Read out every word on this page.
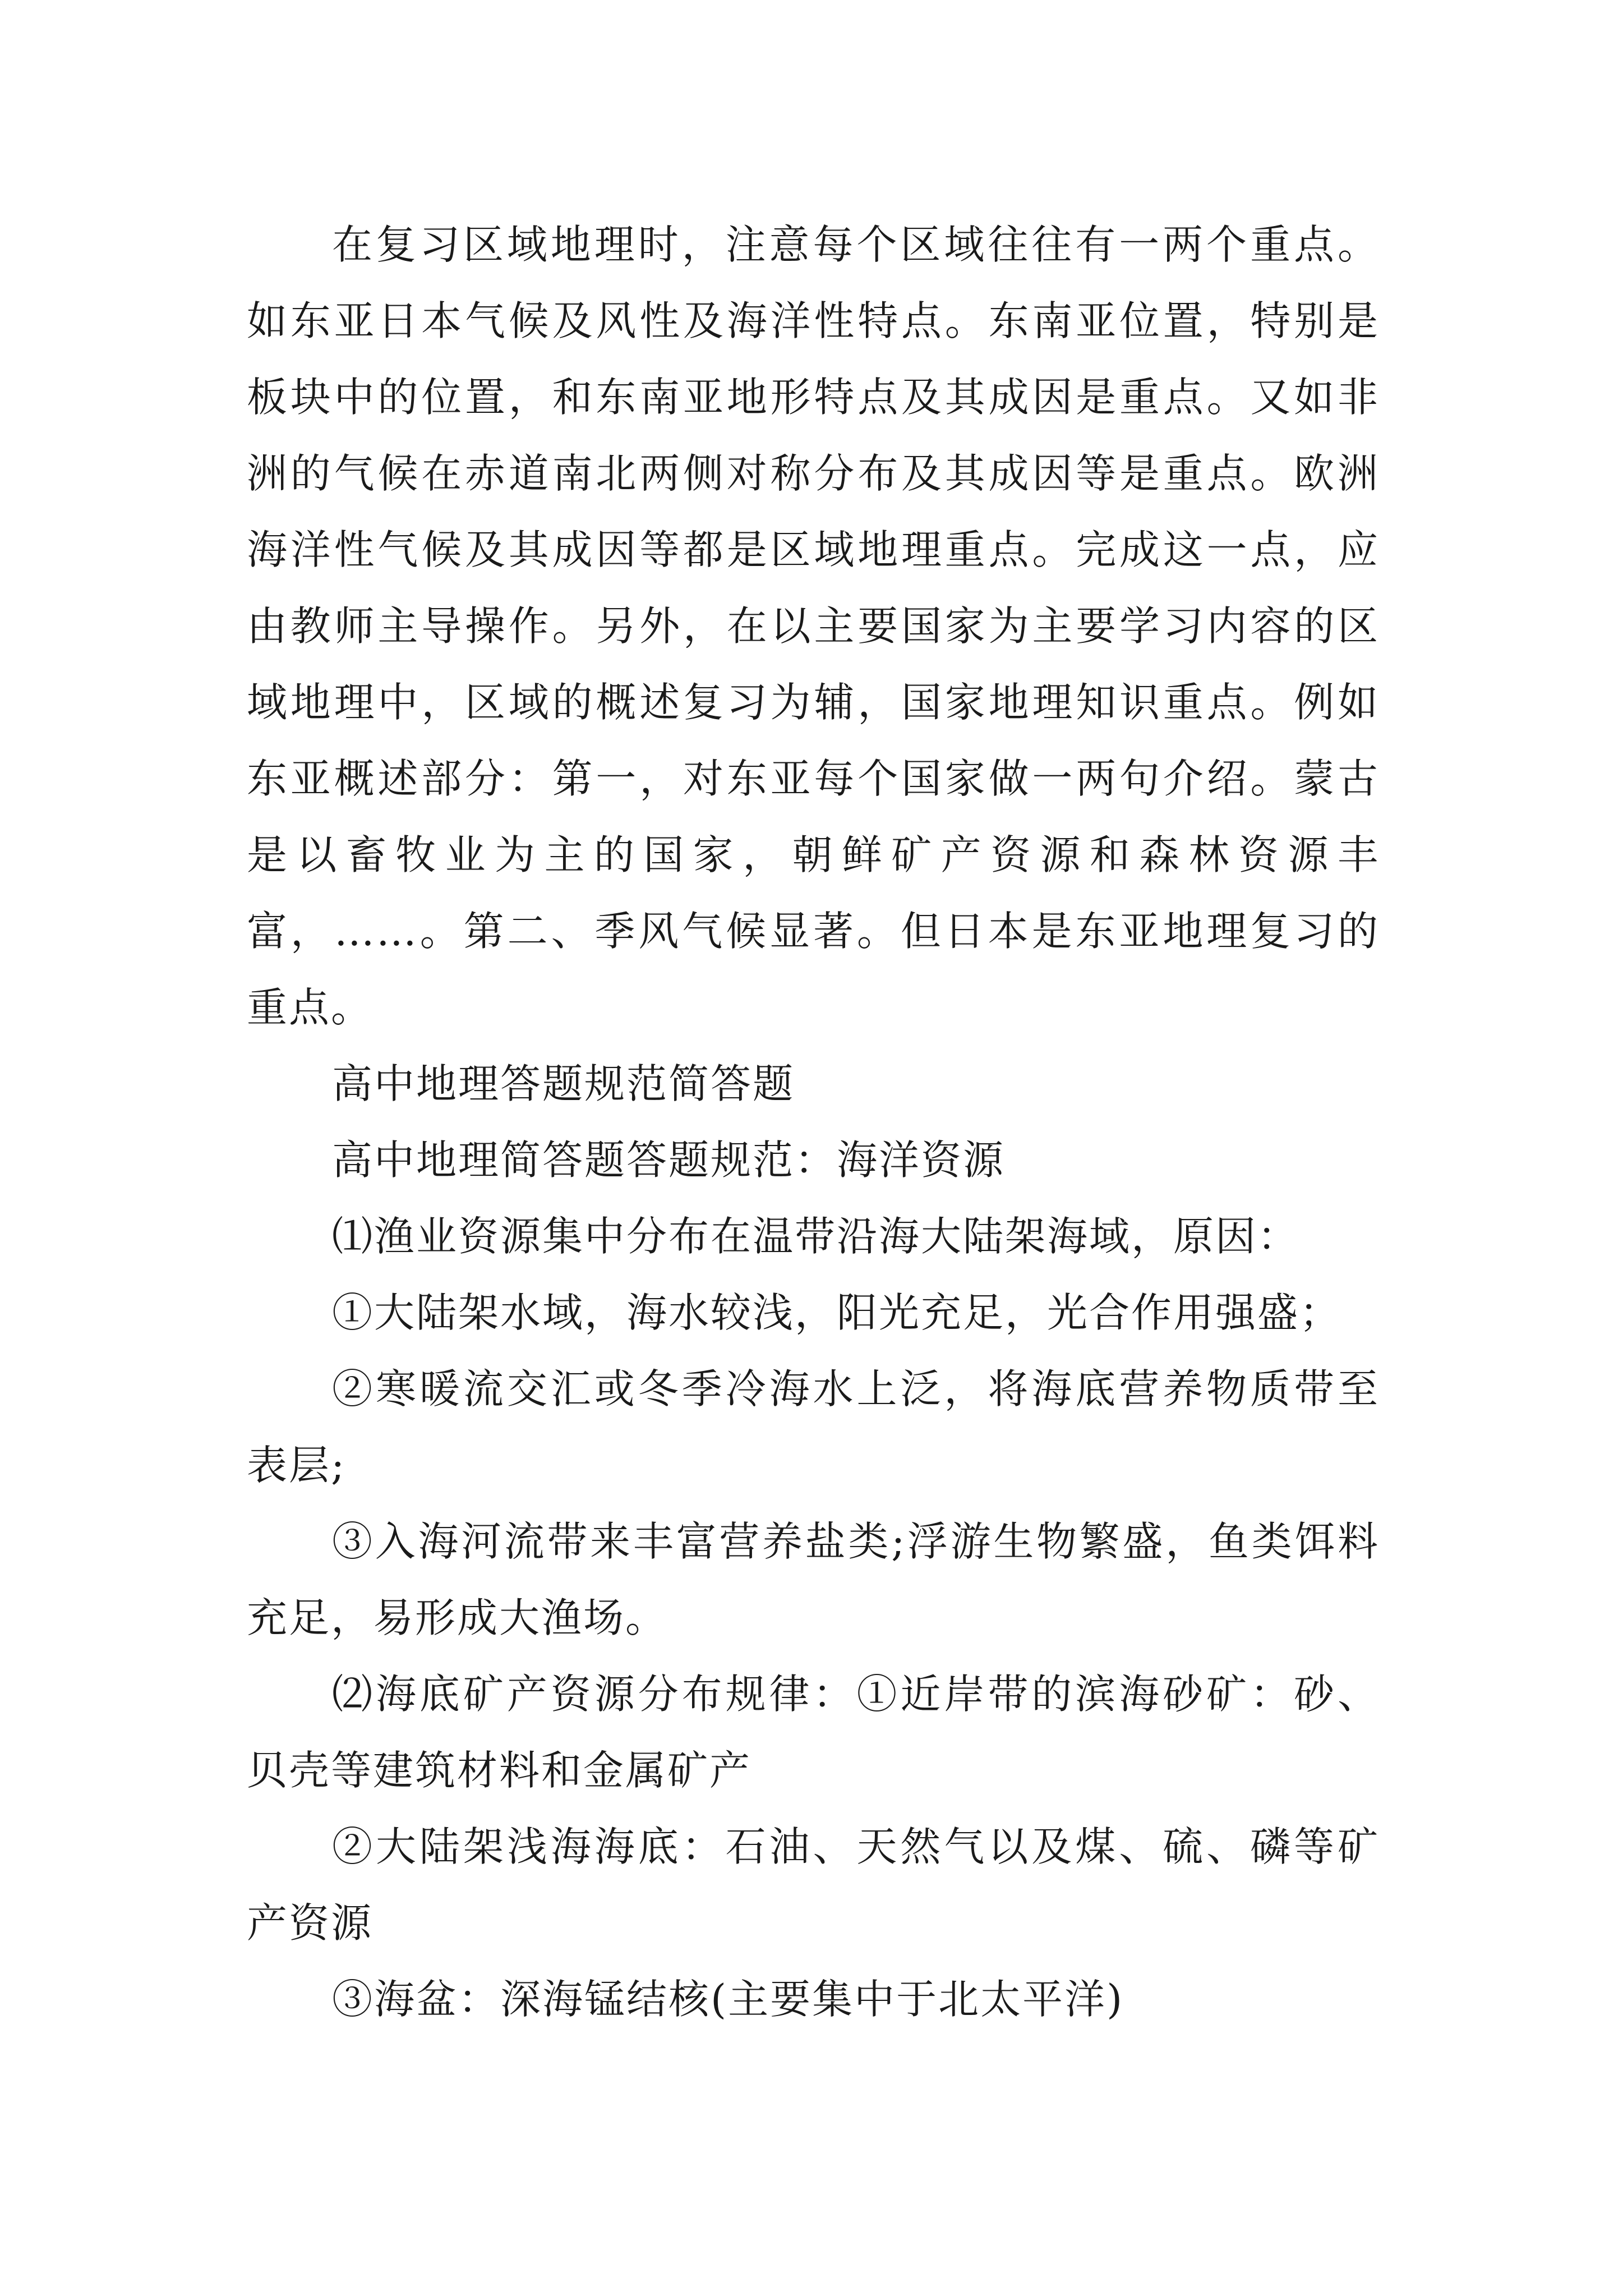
在复习区域地理时，注意每个区域往往有一两个重点。如东亚日本气候及风性及海洋性特点。东南亚位置，特别是板块中的位置，和东南亚地形特点及其成因是重点。又如非洲的气候在赤道南北两侧对称分布及其成因等是重点。欧洲海洋性气候及其成因等都是区域地理重点。完成这一点，应由教师主导操作。另外，在以主要国家为主要学习内容的区域地理中，区域的概述复习为辅，国家地理知识重点。例如东亚概述部分：第一，对东亚每个国家做一两句介绍。蒙古是以畜牧业为主的国家，朝鲜矿产资源和森林资源丰富，……。第二、季风气候显著。但日本是东亚地理复习的重点。

高中地理答题规范简答题

高中地理简答题答题规范：海洋资源

⑴渔业资源集中分布在温带沿海大陆架海域，原因：

①大陆架水域，海水较浅，阳光充足，光合作用强盛；

②寒暖流交汇或冬季冷海水上泛，将海底营养物质带至表层;

③入海河流带来丰富营养盐类;浮游生物繁盛，鱼类饵料充足，易形成大渔场。

⑵海底矿产资源分布规律：①近岸带的滨海砂矿：砂、贝壳等建筑材料和金属矿产

②大陆架浅海海底：石油、天然气以及煤、硫、磷等矿产资源

③海盆：深海锰结核(主要集中于北太平洋)
